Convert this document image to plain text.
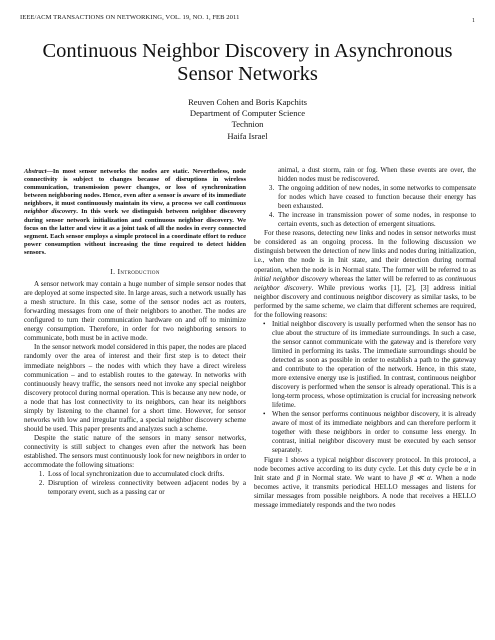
IEEE/ACM TRANSACTIONS ON NETWORKING, VOL. 19, NO. 1, FEB 2011	1
Continuous Neighbor Discovery in Asynchronous Sensor Networks
Reuven Cohen and Boris Kapchits
Department of Computer Science
Technion
Haifa Israel
Abstract—In most sensor networks the nodes are static. Nevertheless, node connectivity is subject to changes because of disruptions in wireless communication, transmission power changes, or loss of synchronization between neighboring nodes. Hence, even after a sensor is aware of its immediate neighbors, it must continuously maintain its view, a process we call continuous neighbor discovery. In this work we distinguish between neighbor discovery during sensor network initialization and continuous neighbor discovery. We focus on the latter and view it as a joint task of all the nodes in every connected segment. Each sensor employs a simple protocol in a coordinate effort to reduce power consumption without increasing the time required to detect hidden sensors.
I. Introduction

A sensor network may contain a huge number of simple sensor nodes that are deployed at some inspected site. In large areas, such a network usually has a mesh structure. In this case, some of the sensor nodes act as routers, forwarding messages from one of their neighbors to another. The nodes are configured to turn their communication hardware on and off to minimize energy consumption. Therefore, in order for two neighboring sensors to communicate, both must be in active mode.

In the sensor network model considered in this paper, the nodes are placed randomly over the area of interest and their first step is to detect their immediate neighbors – the nodes with which they have a direct wireless communication – and to establish routes to the gateway. In networks with continuously heavy traffic, the sensors need not invoke any special neighbor discovery protocol during normal operation. This is because any new node, or a node that has lost connectivity to its neighbors, can hear its neighbors simply by listening to the channel for a short time. However, for sensor networks with low and irregular traffic, a special neighbor discovery scheme should be used. This paper presents and analyzes such a scheme.

Despite the static nature of the sensors in many sensor networks, connectivity is still subject to changes even after the network has been established. The sensors must continuously look for new neighbors in order to accommodate the following situations:

1. Loss of local synchronization due to accumulated clock drifts.
2. Disruption of wireless connectivity between adjacent nodes by a temporary event, such as a passing car or
animal, a dust storm, rain or fog. When these events are over, the hidden nodes must be rediscovered.
3. The ongoing addition of new nodes, in some networks to compensate for nodes which have ceased to function because their energy has been exhausted.
4. The increase in transmission power of some nodes, in response to certain events, such as detection of emergent situations.

For these reasons, detecting new links and nodes in sensor networks must be considered as an ongoing process. In the following discussion we distinguish between the detection of new links and nodes during initialization, i.e., when the node is in Init state, and their detection during normal operation, when the node is in Normal state. The former will be referred to as initial neighbor discovery whereas the latter will be referred to as continuous neighbor discovery. While previous works [1], [2], [3] address initial neighbor discovery and continuous neighbor discovery as similar tasks, to be performed by the same scheme, we claim that different schemes are required, for the following reasons:

• Initial neighbor discovery is usually performed when the sensor has no clue about the structure of its immediate surroundings. In such a case, the sensor cannot communicate with the gateway and is therefore very limited in performing its tasks. The immediate surroundings should be detected as soon as possible in order to establish a path to the gateway and contribute to the operation of the network. Hence, in this state, more extensive energy use is justified. In contrast, continuous neighbor discovery is performed when the sensor is already operational. This is a long-term process, whose optimization is crucial for increasing network lifetime.
• When the sensor performs continuous neighbor discovery, it is already aware of most of its immediate neighbors and can therefore perform it together with these neighbors in order to consume less energy. In contrast, initial neighbor discovery must be executed by each sensor separately.

Figure 1 shows a typical neighbor discovery protocol. In this protocol, a node becomes active according to its duty cycle. Let this duty cycle be α in Init state and β in Normal state. We want to have β ≪ α. When a node becomes active, it transmits periodical HELLO messages and listens for similar messages from possible neighbors. A node that receives a HELLO message immediately responds and the two nodes
